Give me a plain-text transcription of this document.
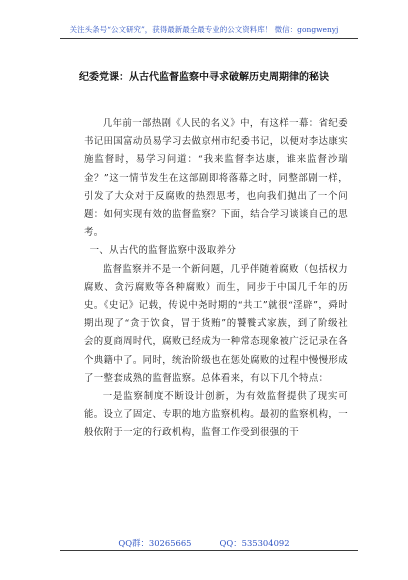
关注头条号“公文研究”，获得最新最全最专业的公文资料库！ 微信：gongwenyj
纪委党课：从古代监督监察中寻求破解历史周期律的秘诀

几年前一部热剧《人民的名义》中，有这样一幕：省纪委书记田国富动员易学习去做京州市纪委书记，以便对李达康实施监督时，易学习问道：“我来监督李达康，谁来监督沙瑞金？”这一情节发生在这部剧即将落幕之时，同整部剧一样，引发了大众对于反腐败的热烈思考，也向我们抛出了一个问题：如何实现有效的监督监察？下面，结合学习谈谈自己的思考。

一、从古代的监督监察中汲取养分

监督监察并不是一个新问题，几乎伴随着腐败（包括权力腐败、贪污腐败等各种腐败）而生，同步于中国几千年的历史。《史记》记载，传说中尧时期的“共工”就很“淫辟”，舜时期出现了“贪于饮食，冒于货贿”的饕餮式家族，到了阶级社会的夏商周时代，腐败已经成为一种常态现象被广泛记录在各个典籍中了。同时，统治阶级也在惩处腐败的过程中慢慢形成了一整套成熟的监督监察。总体看来，有以下几个特点：

一是监察制度不断设计创新，为有效监督提供了现实可能。设立了固定、专职的地方监察机构。最初的监察机构，一般依附于一定的行政机构，监督工作受到很强的干

QQ群：30265665	QQ：535304092
